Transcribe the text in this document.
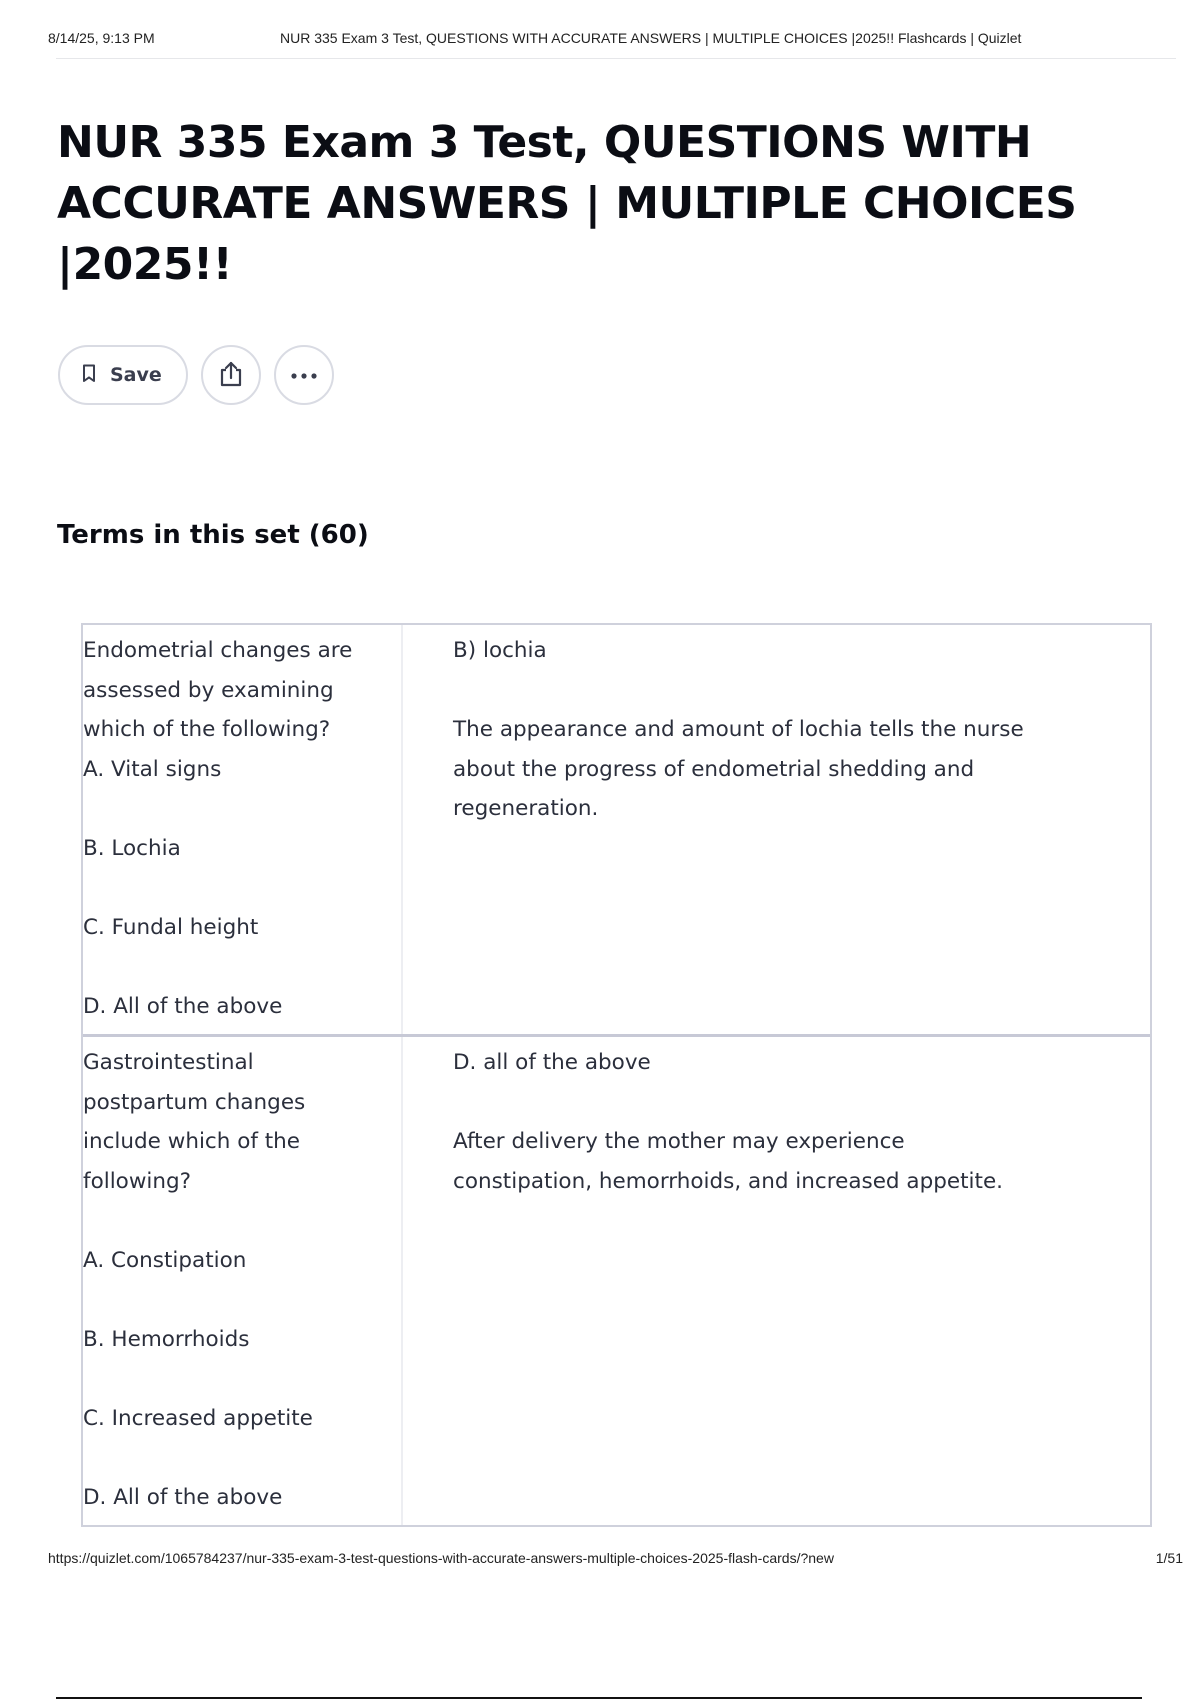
8/14/25, 9:13 PM	NUR 335 Exam 3 Test, QUESTIONS WITH ACCURATE ANSWERS | MULTIPLE CHOICES |2025!! Flashcards | Quizlet
NUR 335 Exam 3 Test, QUESTIONS WITH ACCURATE ANSWERS | MULTIPLE CHOICES |2025!!
Save
Terms in this set (60)
Endometrial changes are
assessed by examining
which of the following?
A. Vital signs

B. Lochia

C. Fundal height

D. All of the above
B) lochia

The appearance and amount of lochia tells the nurse
about the progress of endometrial shedding and
regeneration.
Gastrointestinal
postpartum changes
include which of the
following?

A. Constipation

B. Hemorrhoids

C. Increased appetite

D. All of the above
D. all of the above

After delivery the mother may experience
constipation, hemorrhoids, and increased appetite.
https://quizlet.com/1065784237/nur-335-exam-3-test-questions-with-accurate-answers-multiple-choices-2025-flash-cards/?new	1/51
